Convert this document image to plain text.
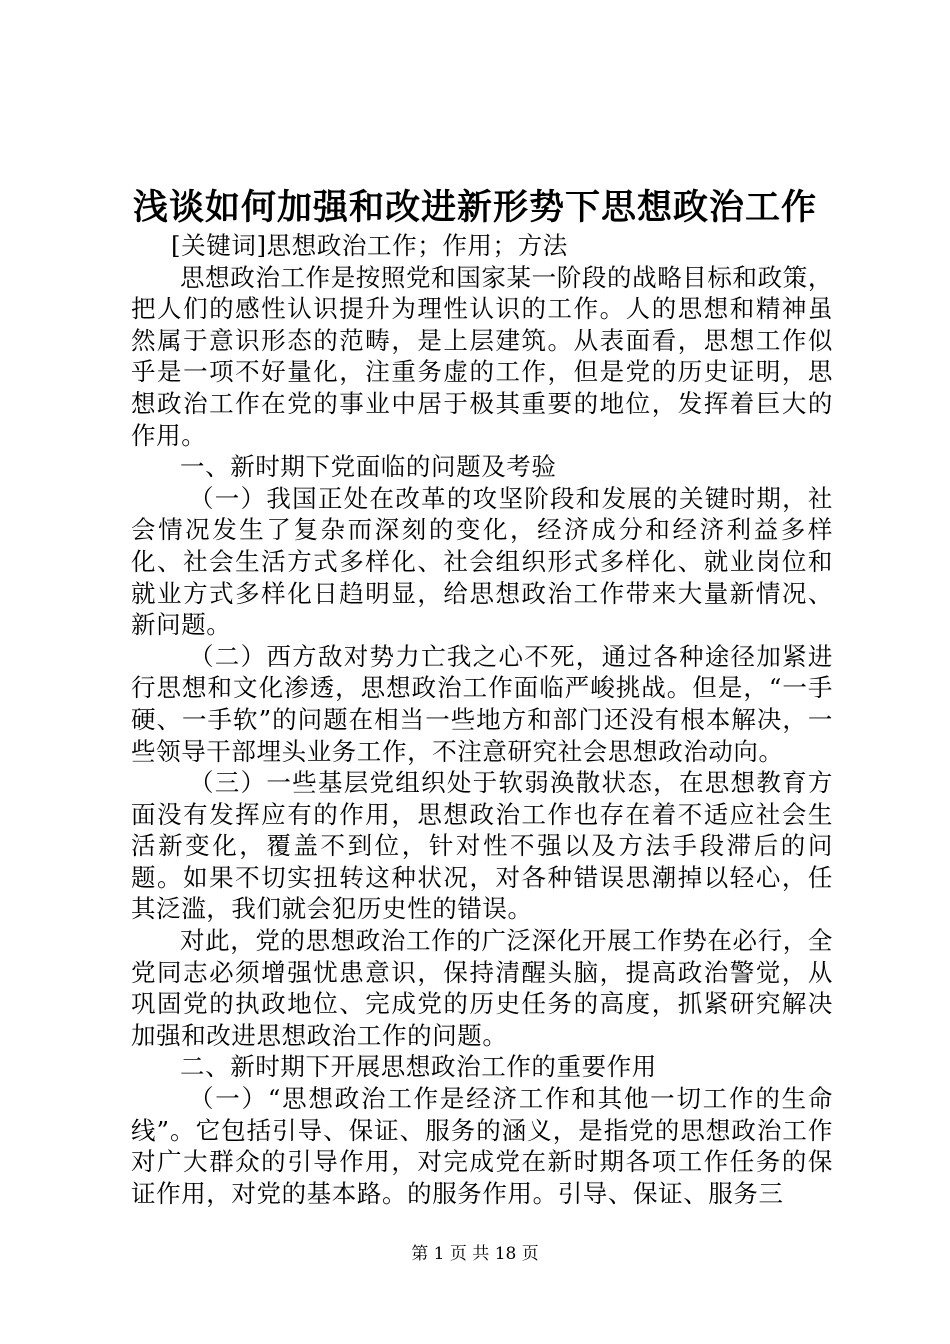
浅谈如何加强和改进新形势下思想政治工作

[关键词]思想政治工作；作用；方法

思想政治工作是按照党和国家某一阶段的战略目标和政策，把人们的感性认识提升为理性认识的工作。人的思想和精神虽然属于意识形态的范畴，是上层建筑。从表面看，思想工作似乎是一项不好量化，注重务虚的工作，但是党的历史证明，思想政治工作在党的事业中居于极其重要的地位，发挥着巨大的作用。

一、新时期下党面临的问题及考验

（一）我国正处在改革的攻坚阶段和发展的关键时期，社会情况发生了复杂而深刻的变化，经济成分和经济利益多样化、社会生活方式多样化、社会组织形式多样化、就业岗位和就业方式多样化日趋明显，给思想政治工作带来大量新情况、新问题。

（二）西方敌对势力亡我之心不死，通过各种途径加紧进行思想和文化渗透，思想政治工作面临严峻挑战。但是，“一手硬、一手软”的问题在相当一些地方和部门还没有根本解决，一些领导干部埋头业务工作，不注意研究社会思想政治动向。

（三）一些基层党组织处于软弱涣散状态，在思想教育方面没有发挥应有的作用，思想政治工作也存在着不适应社会生活新变化，覆盖不到位，针对性不强以及方法手段滞后的问题。如果不切实扭转这种状况，对各种错误思潮掉以轻心，任其泛滥，我们就会犯历史性的错误。

对此，党的思想政治工作的广泛深化开展工作势在必行，全党同志必须增强忧患意识，保持清醒头脑，提高政治警觉，从巩固党的执政地位、完成党的历史任务的高度，抓紧研究解决加强和改进思想政治工作的问题。

二、新时期下开展思想政治工作的重要作用

（一）“思想政治工作是经济工作和其他一切工作的生命线”。它包括引导、保证、服务的涵义，是指党的思想政治工作对广大群众的引导作用，对完成党在新时期各项工作任务的保证作用，对党的基本路。的服务作用。引导、保证、服务三

第 1 页 共 18 页
